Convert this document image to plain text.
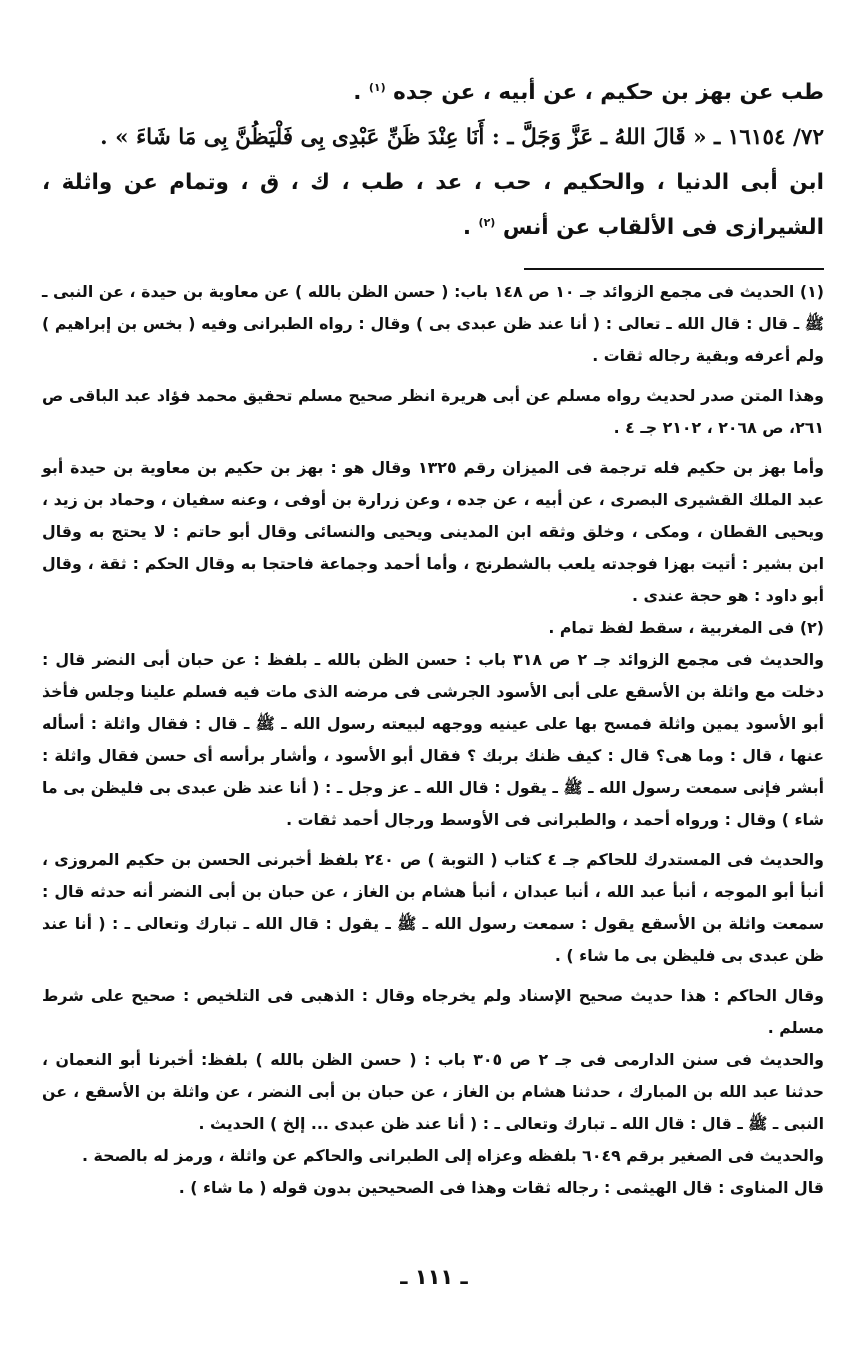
طب عن بهز بن حكيم ، عن أبيه ، عن جده $^{(١)}$ .

٧٢/ ١٦١٥٤ ـ « قَالَ اللهُ ـ عَزَّ وَجَلَّ ـ : أَنَا عِنْدَ ظَنِّ عَبْدِى بِى فَلْيَظُنَّ بِى مَا شَاءَ » .

ابن أبى الدنيا ، والحكيم ، حب ، عد ، طب ، ك ، ق ، وتمام عن واثلة ، الشيرازى فى الألقاب عن أنس $^{(٢)}$ .

(١) الحديث فى مجمع الزوائد جـ ١٠ ص ١٤٨ باب: ( حسن الظن بالله ) عن معاوية بن حيدة ، عن النبى ـ ﷺ ـ قال : قال الله ـ تعالى : ( أنا عند ظن عبدى بى ) وقال : رواه الطبرانى وفيه ( بخس بن إبراهيم ) ولم أعرفه وبقية رجاله ثقات .

وهذا المتن صدر لحديث رواه مسلم عن أبى هريرة انظر صحيح مسلم تحقيق محمد فؤاد عبد الباقى ص ٢٦١، ص ٢٠٦٨ ، ٢١٠٢ جـ ٤ .

وأما بهز بن حكيم فله ترجمة فى الميزان رقم ١٣٢٥ وقال هو : بهز بن حكيم بن معاوية بن حيدة أبو عبد الملك القشيرى البصرى ، عن أبيه ، عن جده ، وعن زرارة بن أوفى ، وعنه سفيان ، وحماد بن زيد ، ويحيى القطان ، ومكى ، وخلق وثقه ابن المدينى ويحيى والنسائى وقال أبو حاتم : لا يحتج به وقال ابن بشير : أتيت بهزا فوجدته يلعب بالشطرنج ، وأما أحمد وجماعة فاحتجا به وقال الحكم : ثقة ، وقال أبو داود : هو حجة عندى .

(٢) فى المغربية ، سقط لفظ تمام .

والحديث فى مجمع الزوائد جـ ٢ ص ٣١٨ باب : حسن الظن بالله ـ بلفظ : عن حبان أبى النضر قال : دخلت مع واثلة بن الأسقع على أبى الأسود الجرشى فى مرضه الذى مات فيه فسلم علينا وجلس فأخذ أبو الأسود يمين واثلة فمسح بها على عينيه ووجهه لبيعته رسول الله ـ ﷺ ـ قال : فقال واثلة : أسأله عنها ، قال : وما هى؟ قال : كيف ظنك بربك ؟ فقال أبو الأسود ، وأشار برأسه أى حسن فقال واثلة : أبشر فإنى سمعت رسول الله ـ ﷺ ـ يقول : قال الله ـ عز وجل ـ : ( أنا عند ظن عبدى بى فليظن بى ما شاء ) وقال : ورواه أحمد ، والطبرانى فى الأوسط ورجال أحمد ثقات .

والحديث فى المستدرك للحاكم جـ ٤ كتاب ( التوبة ) ص ٢٤٠ بلفظ أخبرنى الحسن بن حكيم المروزى ، أنبأ أبو الموجه ، أنبأ عبد الله ، أنبا عبدان ، أنبأ هشام بن الغاز ، عن حبان بن أبى النضر أنه حدثه قال : سمعت واثلة بن الأسقع يقول : سمعت رسول الله ـ ﷺ ـ يقول : قال الله ـ تبارك وتعالى ـ : ( أنا عند ظن عبدى بى فليظن بى ما شاء ) .

وقال الحاكم : هذا حديث صحيح الإسناد ولم يخرجاه وقال : الذهبى فى التلخيص : صحيح على شرط مسلم .

والحديث فى سنن الدارمى فى جـ ٢ ص ٣٠٥ باب : ( حسن الظن بالله ) بلفظ: أخبرنا أبو النعمان ، حدثنا عبد الله بن المبارك ، حدثنا هشام بن الغاز ، عن حبان بن أبى النضر ، عن واثلة بن الأسقع ، عن النبى ـ ﷺ ـ قال : قال الله ـ تبارك وتعالى ـ : ( أنا عند ظن عبدى ... إلخ ) الحديث .

والحديث فى الصغير برقم ٦٠٤٩ بلفظه وعزاه إلى الطبرانى والحاكم عن واثلة ، ورمز له بالصحة .

قال المناوى : قال الهيثمى : رجاله ثقات وهذا فى الصحيحين بدون قوله ( ما شاء ) .

ـ ١١١ ـ
